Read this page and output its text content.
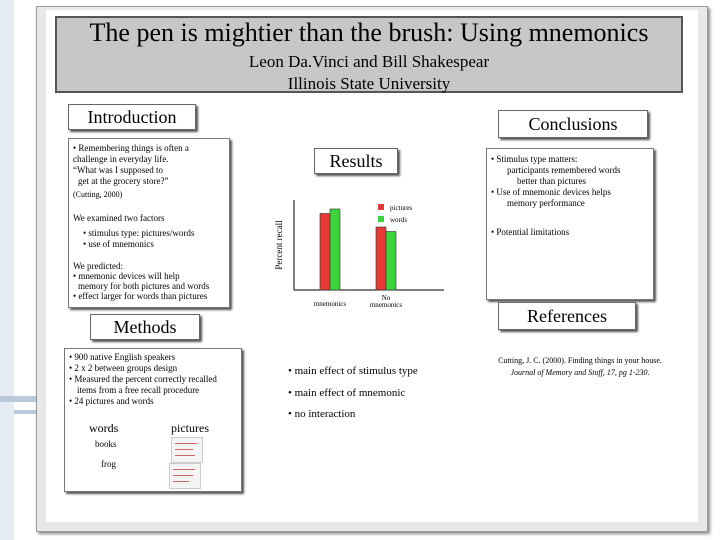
The pen is mightier than the brush: Using mnemonics
Leon Da.Vinci and Bill Shakespear
Illinois State University
Introduction
• Remembering things is often a challenge in everyday life.
“What was I supposed to
get at the grocery store?”
(Cutting, 2000)
We examined two factors
• stimulus type: pictures/words
• use of mnemonics
We predicted:
• mnemonic devices will help
memory for both pictures and words
• effect larger for words than pictures
Results
Percent recall
pictures
words
mnemonics
No mnemonics
• main effect of stimulus type
• main effect of mnemonic
• no interaction
Methods
• 900 native English speakers
• 2 x 2 between groups design
• Measured the percent correctly recalled
items from a free recall procedure
• 24 pictures and words
words	pictures
books
frog
Conclusions
• Stimulus type matters:
participants remembered words
better than pictures
• Use of mnemonic devices helps
memory performance
• Potential limitations
References
Cutting, J. C. (2000). Finding things in your house.
Journal of Memory and Stuff, 17, pg 1-230.
